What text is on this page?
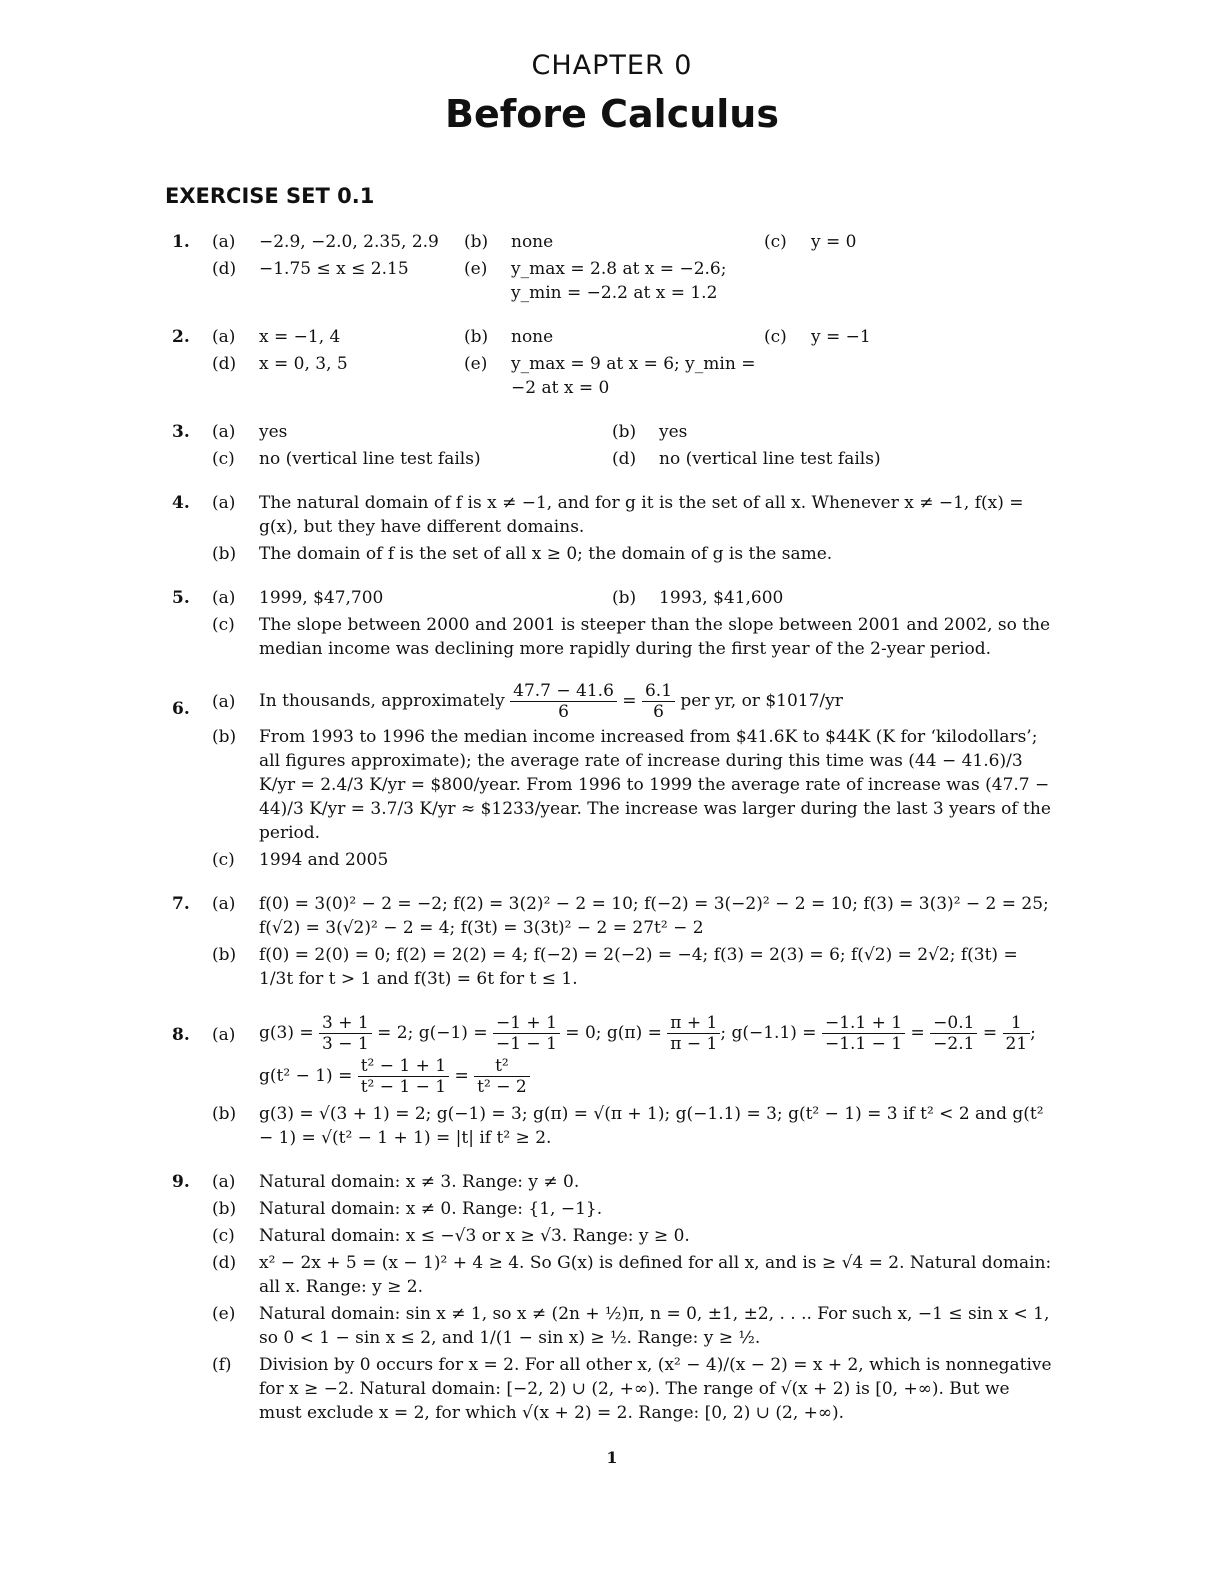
CHAPTER 0
Before Calculus
EXERCISE SET 0.1
1. (a)	−2.9, −2.0, 2.35, 2.9	(b)	none	(c)	y = 0
(d)	−1.75 ≤ x ≤ 2.15	(e)	y_max = 2.8 at x = −2.6; y_min = −2.2 at x = 1.2
2. (a)	x = −1, 4	(b)	none	(c)	y = −1
(d)	x = 0, 3, 5	(e)	y_max = 9 at x = 6; y_min = −2 at x = 0
3. (a)	yes	(b)	yes
(c)	no (vertical line test fails)	(d)	no (vertical line test fails)
4. (a)	The natural domain of f is x ≠ −1, and for g it is the set of all x. Whenever x ≠ −1, f(x) = g(x), but they have different domains.
(b)	The domain of f is the set of all x ≥ 0; the domain of g is the same.
5. (a)	1999, $47,700	(b)	1993, $41,600
(c)	The slope between 2000 and 2001 is steeper than the slope between 2001 and 2002, so the median income was declining more rapidly during the first year of the 2-year period.
6. (a)	In thousands, approximately $\frac{47.7 - 41.6}{6} = \frac{6.1}{6}$ per yr, or $1017/yr
(b)	From 1993 to 1996 the median income increased from $41.6K to $44K (K for ‘kilodollars’; all figures approximate); the average rate of increase during this time was (44 − 41.6)/3 K/yr = 2.4/3 K/yr = $800/year. From 1996 to 1999 the average rate of increase was (47.7 − 44)/3 K/yr = 3.7/3 K/yr ≈ $1233/year. The increase was larger during the last 3 years of the period.
(c)	1994 and 2005
7. (a)	f(0) = 3(0)² − 2 = −2; f(2) = 3(2)² − 2 = 10; f(−2) = 3(−2)² − 2 = 10; f(3) = 3(3)² − 2 = 25; f(√2) = 3(√2)² − 2 = 4; f(3t) = 3(3t)² − 2 = 27t² − 2
(b)	f(0) = 2(0) = 0; f(2) = 2(2) = 4; f(−2) = 2(−2) = −4; f(3) = 2(3) = 6; f(√2) = 2√2; f(3t) = 1/3t for t > 1 and f(3t) = 6t for t ≤ 1.
8. (a)	$g(3) = \frac{3 + 1}{3 - 1} = 2$; $g(-1) = \frac{-1 + 1}{-1 - 1} = 0$; $g(\pi) = \frac{\pi + 1}{\pi - 1}$ ; $g(-1.1) = \frac{-1.1 + 1}{-1.1 - 1} = \frac{-0.1}{-2.1} = \frac{1}{21}$ ;
$g(t^2 - 1) = \frac{\text{t² − 1 + 1}}{\text{t² − 1 − 1}} = \frac{\text{t²}}{\text{t² − 2}}$
(b)	g(3) = √(3 + 1) = 2; g(−1) = 3; g(π) = √(π + 1); g(−1.1) = 3; g(t² − 1) = 3 if t² < 2 and g(t² − 1) = √(t² − 1 + 1) = |t| if t² ≥ 2.
9. (a)	Natural domain: x ≠ 3. Range: y ≠ 0.
(b)	Natural domain: x ≠ 0. Range: {1, −1}.
(c)	Natural domain: x ≤ −√3 or x ≥ √3. Range: y ≥ 0.
(d)	x² − 2x + 5 = (x − 1)² + 4 ≥ 4. So G(x) is defined for all x, and is ≥ √4 = 2. Natural domain: all x. Range: y ≥ 2.
(e)	Natural domain: sin x ≠ 1, so x ≠ (2n + ½)π, n = 0, ±1, ±2, . . .. For such x, −1 ≤ sin x < 1, so 0 < 1 − sin x ≤ 2, and 1/(1 − sin x) ≥ ½. Range: y ≥ ½.
(f)	Division by 0 occurs for x = 2. For all other x, (x² − 4)/(x − 2) = x + 2, which is nonnegative for x ≥ −2. Natural domain: [−2, 2) ∪ (2, +∞). The range of √(x + 2) is [0, +∞). But we must exclude x = 2, for which √(x + 2) = 2. Range: [0, 2) ∪ (2, +∞).
1
